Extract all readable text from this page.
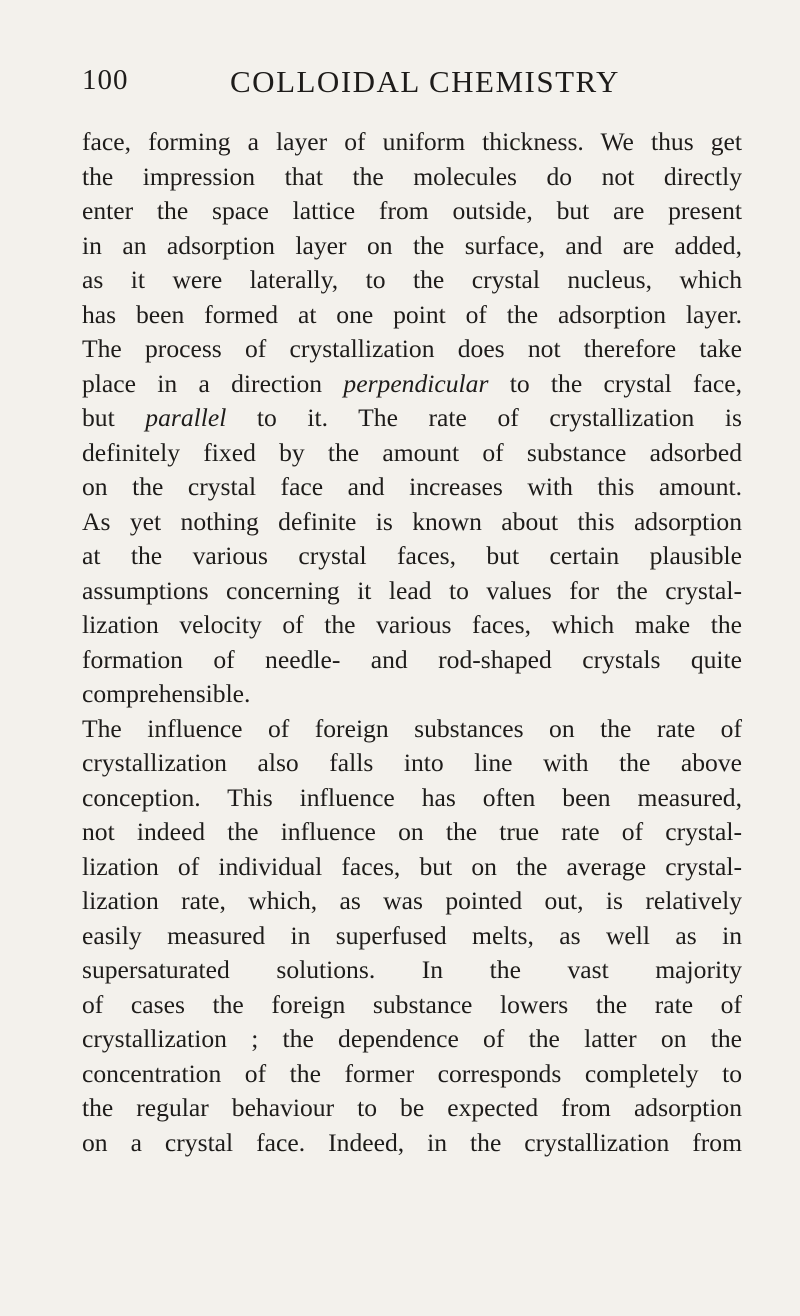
100	COLLOIDAL CHEMISTRY
face, forming a layer of uniform thickness. We thus get
the impression that the molecules do not directly
enter the space lattice from outside, but are present
in an adsorption layer on the surface, and are added,
as it were laterally, to the crystal nucleus, which
has been formed at one point of the adsorption layer.
The process of crystallization does not therefore take
place in a direction perpendicular to the crystal face,
but parallel to it. The rate of crystallization is
definitely fixed by the amount of substance adsorbed
on the crystal face and increases with this amount.
As yet nothing definite is known about this adsorption
at the various crystal faces, but certain plausible
assumptions concerning it lead to values for the crystal-
lization velocity of the various faces, which make the
formation of needle- and rod-shaped crystals quite
comprehensible.
The influence of foreign substances on the rate of
crystallization also falls into line with the above
conception. This influence has often been measured,
not indeed the influence on the true rate of crystal-
lization of individual faces, but on the average crystal-
lization rate, which, as was pointed out, is relatively
easily measured in superfused melts, as well as in
supersaturated solutions. In the vast majority
of cases the foreign substance lowers the rate of
crystallization ; the dependence of the latter on the
concentration of the former corresponds completely to
the regular behaviour to be expected from adsorption
on a crystal face. Indeed, in the crystallization from
